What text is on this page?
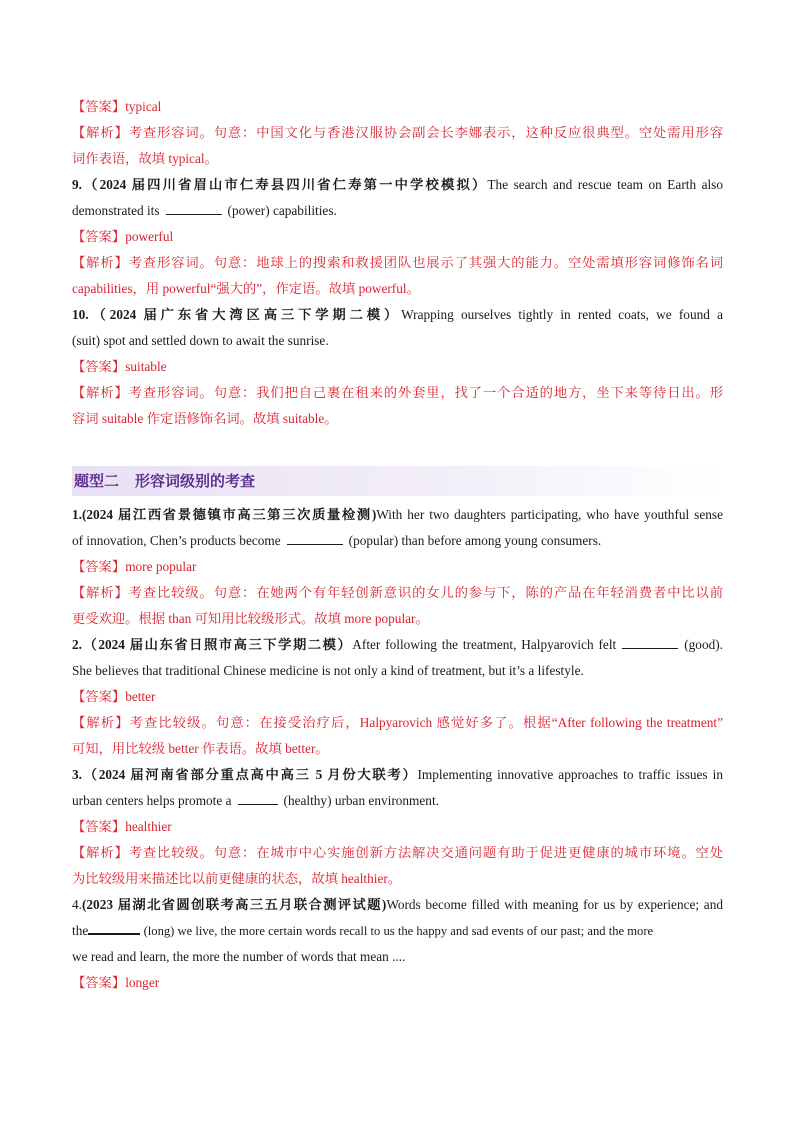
【答案】typical

【解析】考查形容词。句意：中国文化与香港汉服协会副会长李娜表示，这种反应很典型。空处需用形容

词作表语，故填 typical。

9.（2024 届四川省眉山市仁寿县四川省仁寿第一中学校模拟）The search and rescue team on Earth also

demonstrated its	(power) capabilities.

【答案】powerful

【解析】考查形容词。句意：地球上的搜索和救援团队也展示了其强大的能力。空处需填形容词修饰名词

capabilities，用 powerful“强大的”，作定语。故填 powerful。

10.（2024 届广东省大湾区高三下学期二模）Wrapping ourselves tightly in rented coats, we found a

(suit) spot and settled down to await the sunrise.

【答案】suitable

【解析】考查形容词。句意：我们把自己裹在租来的外套里，找了一个合适的地方，坐下来等待日出。形

容词 suitable 作定语修饰名词。故填 suitable。

题型二 形容词级别的考查

1.(2024 届江西省景德镇市高三第三次质量检测)With her two daughters participating, who have youthful sense

of innovation, Chen’s products become	(popular) than before among young consumers.

【答案】more popular

【解析】考查比较级。句意：在她两个有年轻创新意识的女儿的参与下，陈的产品在年轻消费者中比以前

更受欢迎。根据 than 可知用比较级形式。故填 more popular。

2.（2024 届山东省日照市高三下学期二模）After following the treatment, Halpyarovich felt	(good).

She believes that traditional Chinese medicine is not only a kind of treatment, but it’s a lifestyle.

【答案】better

【解析】考查比较级。句意：在接受治疗后，Halpyarovich 感觉好多了。根据“After following the treatment”

可知，用比较级 better 作表语。故填 better。

3.（2024 届河南省部分重点高中高三 5 月份大联考）Implementing innovative approaches to traffic issues in

urban centers helps promote a	(healthy) urban environment.

【答案】healthier

【解析】考查比较级。句意：在城市中心实施创新方法解决交通问题有助于促进更健康的城市环境。空处

为比较级用来描述比以前更健康的状态，故填 healthier。

4.(2023 届湖北省圆创联考高三五月联合测评试题)Words become filled with meaning for us by experience; and

the	(long) we live, the more certain words recall to us the happy and sad events of our past; and the more

we read and learn, the more the number of words that mean ....

【答案】longer
